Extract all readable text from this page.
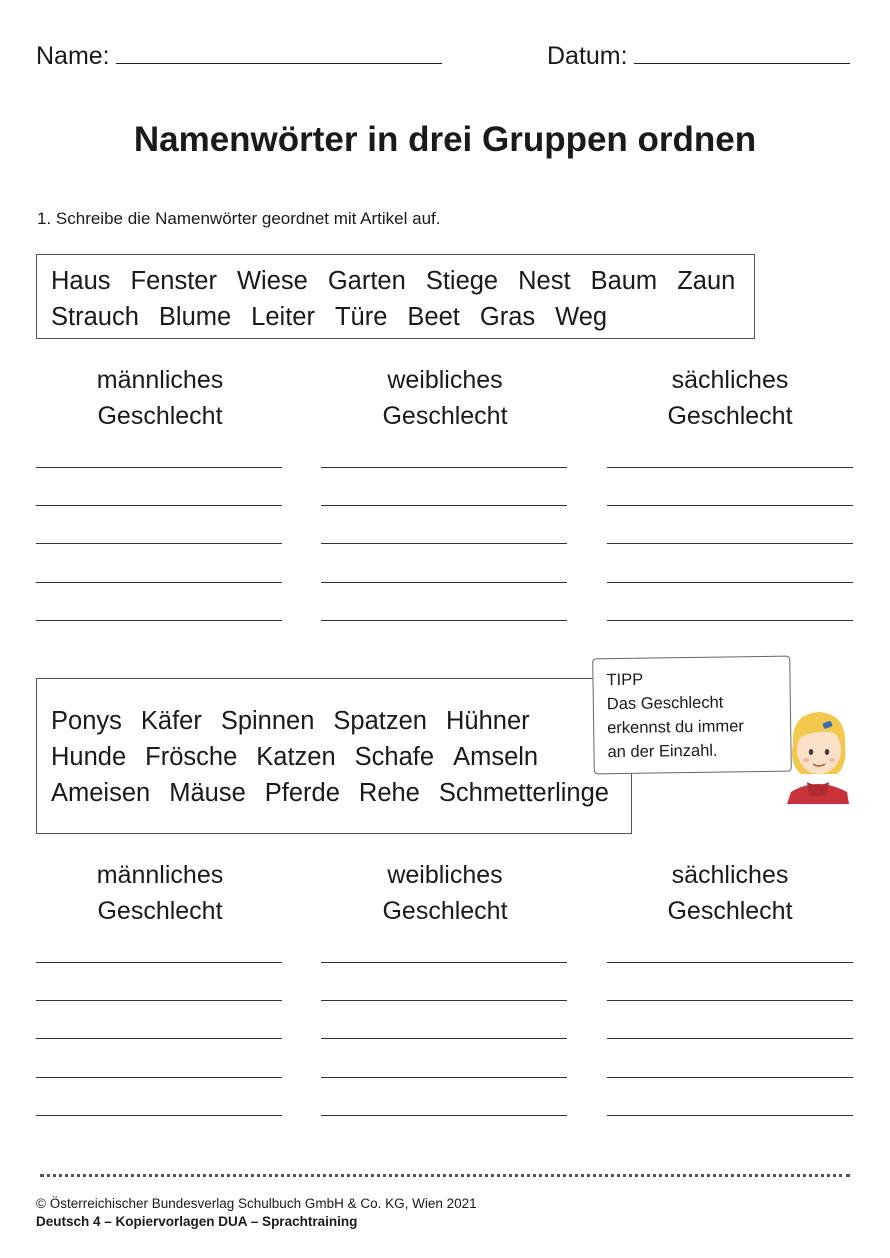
Name:	Datum:
Namenwörter in drei Gruppen ordnen
1. Schreibe die Namenwörter geordnet mit Artikel auf.
Haus Fenster Wiese Garten Stiege Nest Baum Zaun
Strauch Blume Leiter Türe Beet Gras Weg
männliches
Geschlecht
weibliches
Geschlecht
sächliches
Geschlecht
Ponys Käfer Spinnen Spatzen Hühner
Hunde Frösche Katzen Schafe Amseln
Ameisen Mäuse Pferde Rehe Schmetterlinge
TIPP
Das Geschlecht
erkennst du immer
an der Einzahl.
männliches
Geschlecht
weibliches
Geschlecht
sächliches
Geschlecht
© Österreichischer Bundesverlag Schulbuch GmbH & Co. KG, Wien 2021
Deutsch 4 – Kopiervorlagen DUA – Sprachtraining
